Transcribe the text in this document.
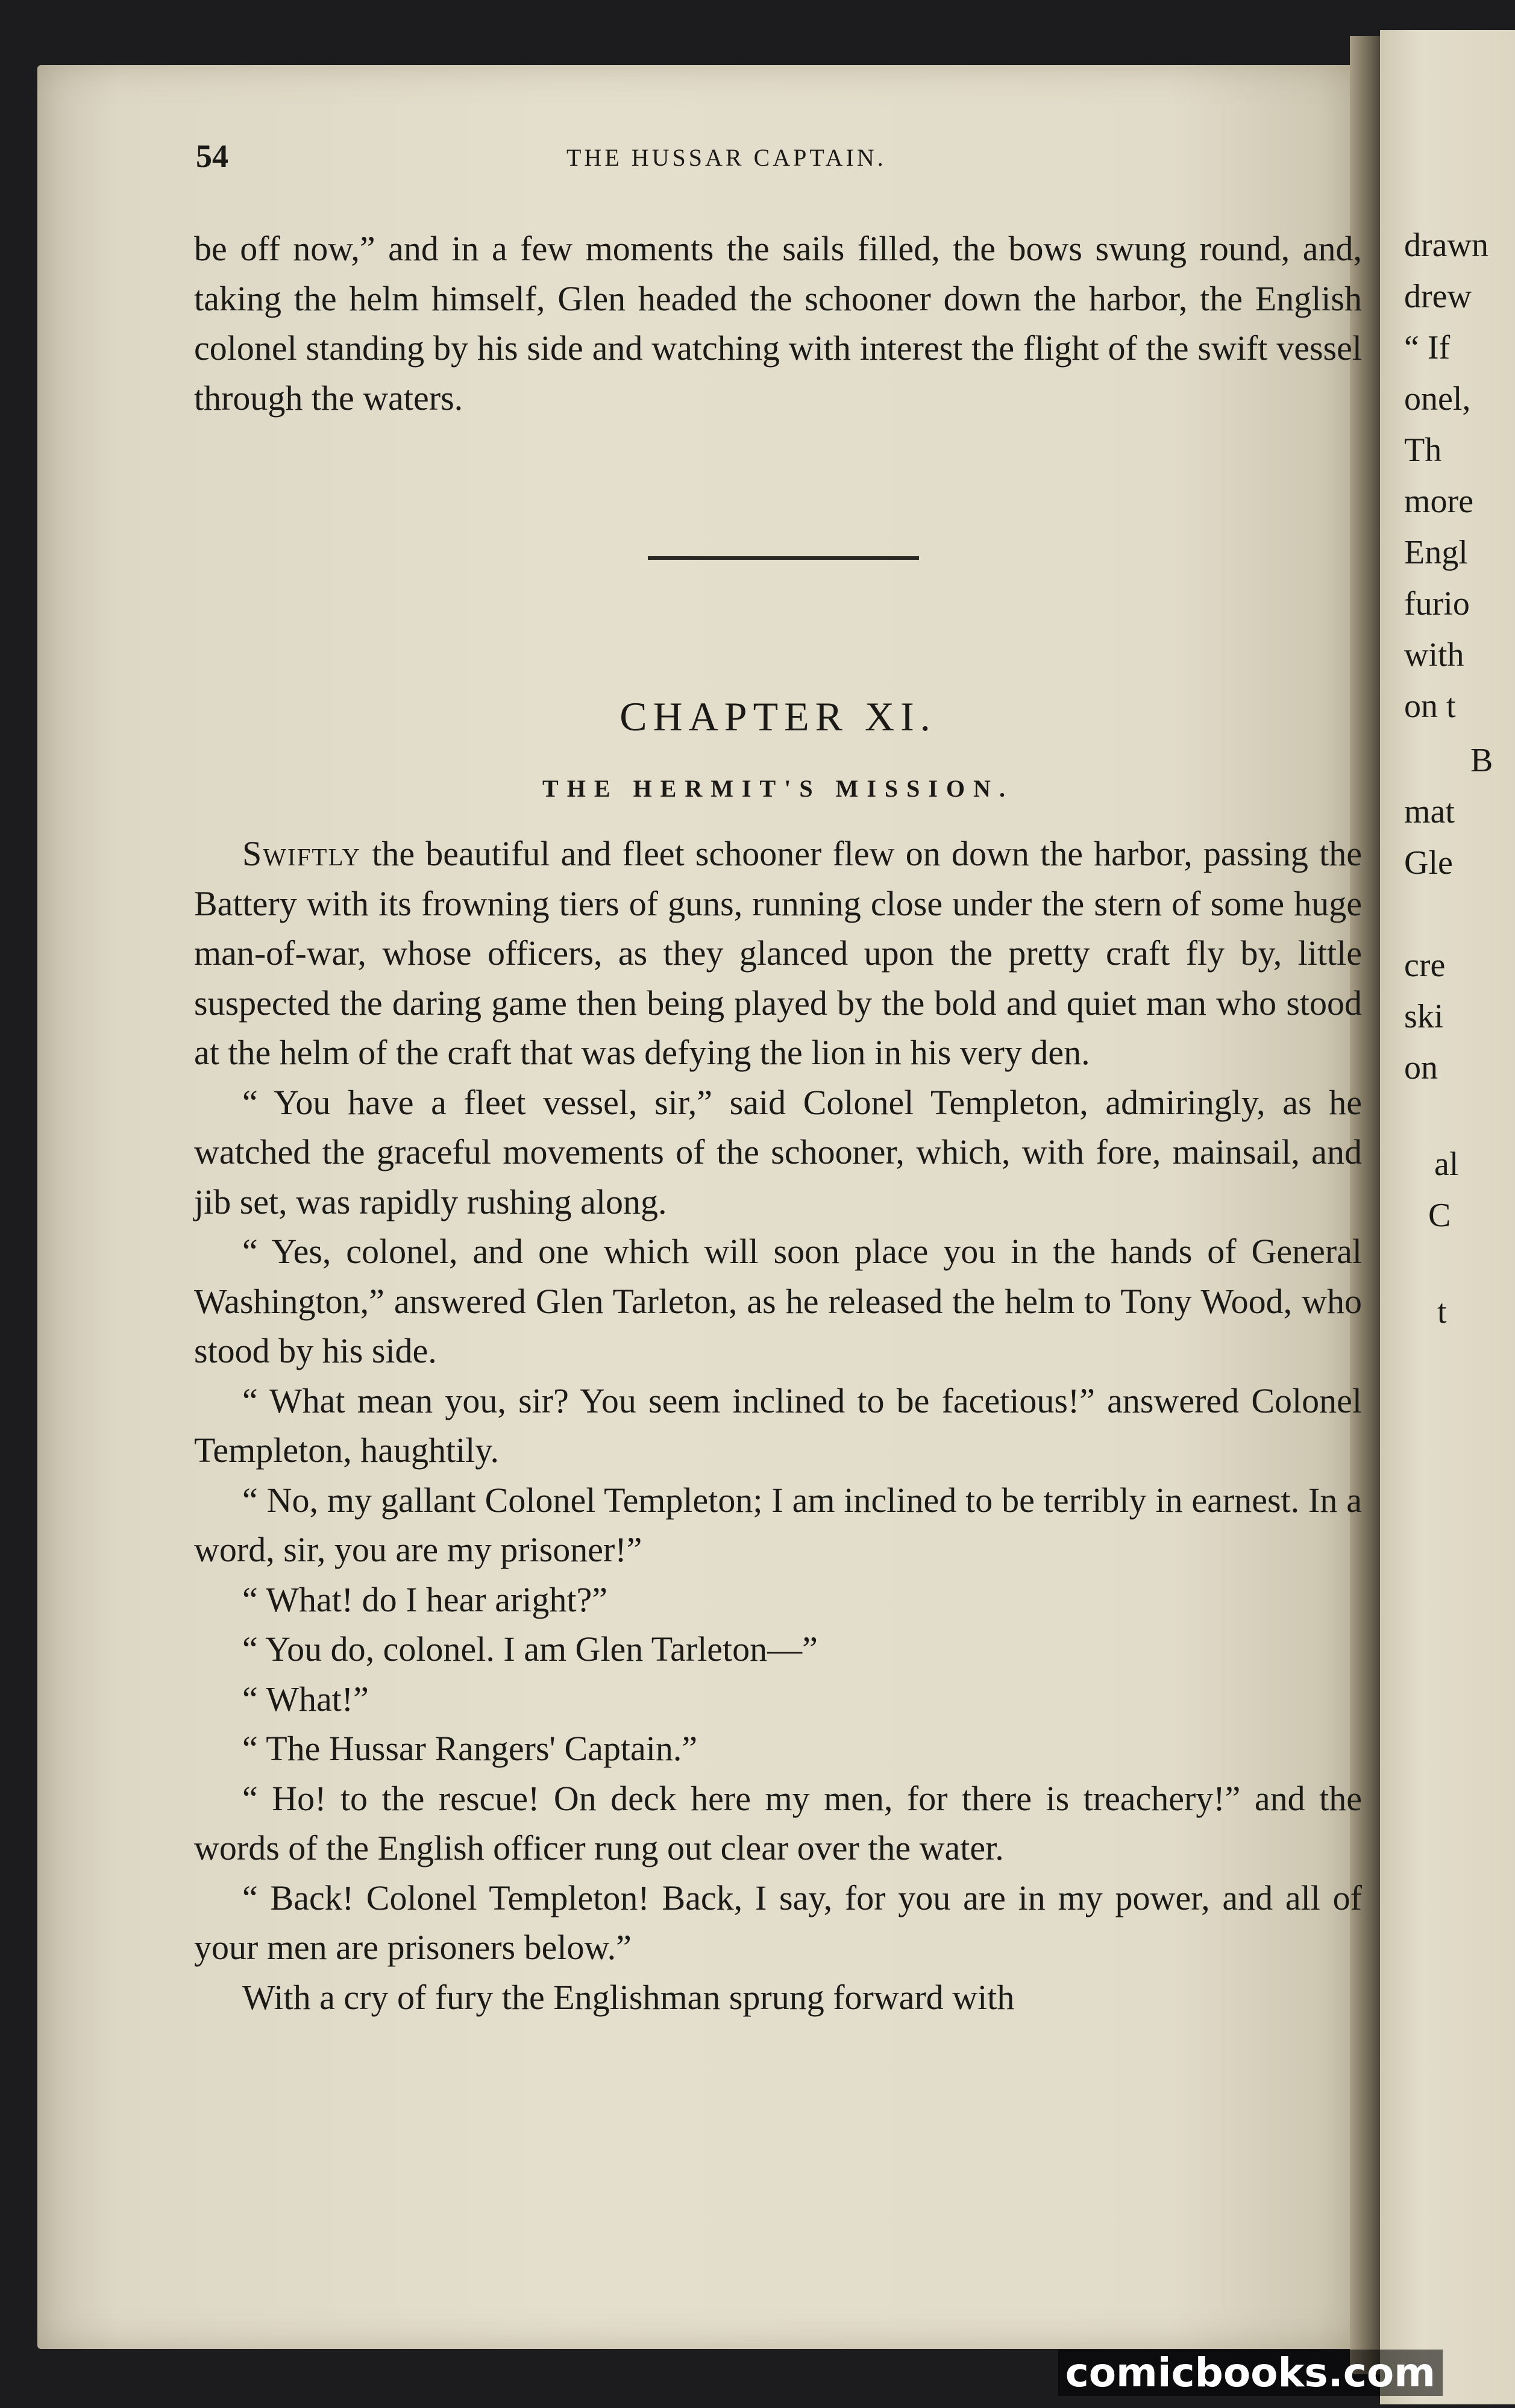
drawn
drew
“ If
onel,
Th
more
Engl
furio
with
on t
B
mat
Gle
cre
ski
on
al
C
t
54	THE HUSSAR CAPTAIN.

be off now,” and in a few moments the sails filled, the bows swung round, and, taking the helm himself, Glen headed the schooner down the harbor, the English colonel standing by his side and watching with interest the flight of the swift vessel through the waters.

CHAPTER XI.
THE HERMIT'S MISSION.

Swiftly the beautiful and fleet schooner flew on down the harbor, passing the Battery with its frowning tiers of guns, running close under the stern of some huge man-of-war, whose officers, as they glanced upon the pretty craft fly by, little suspected the daring game then being played by the bold and quiet man who stood at the helm of the craft that was defying the lion in his very den.

“ You have a fleet vessel, sir,” said Colonel Templeton, admiringly, as he watched the graceful movements of the schooner, which, with fore, mainsail, and jib set, was rapidly rushing along.

“ Yes, colonel, and one which will soon place you in the hands of General Washington,” answered Glen Tarleton, as he released the helm to Tony Wood, who stood by his side.

“ What mean you, sir? You seem inclined to be facetious!” answered Colonel Templeton, haughtily.

“ No, my gallant Colonel Templeton; I am inclined to be terribly in earnest. In a word, sir, you are my prisoner!”

“ What! do I hear aright?”

“ You do, colonel. I am Glen Tarleton—”

“ What!”

“ The Hussar Rangers' Captain.”

“ Ho! to the rescue! On deck here my men, for there is treachery!” and the words of the English officer rung out clear over the water.

“ Back! Colonel Templeton! Back, I say, for you are in my power, and all of your men are prisoners below.”

With a cry of fury the Englishman sprung forward with

comicbooks.com
